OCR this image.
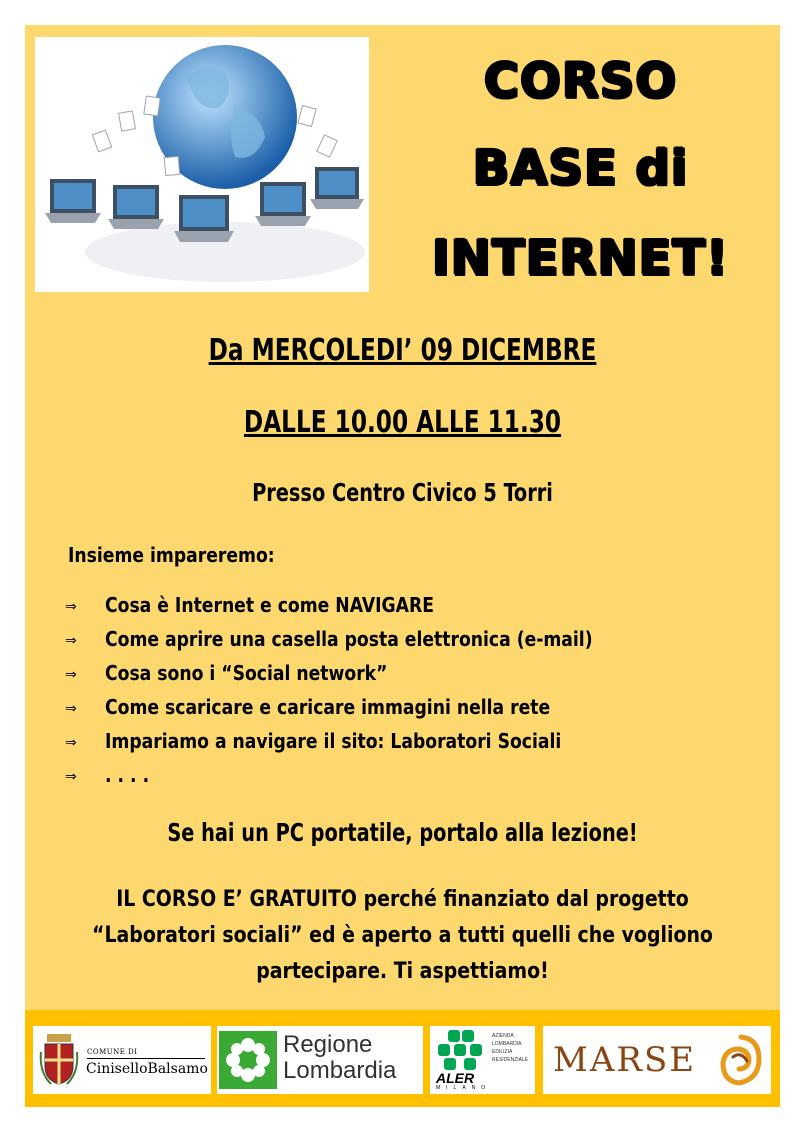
CORSO
BASE di
INTERNET!
Da MERCOLEDI’ 09 DICEMBRE
DALLE 10.00 ALLE 11.30
Presso Centro Civico 5 Torri
Insieme impareremo:
⇒	Cosa è Internet e come NAVIGARE
⇒	Come aprire una casella posta elettronica (e-mail)
⇒	Cosa sono i “Social network”
⇒	Come scaricare e caricare immagini nella rete
⇒	Impariamo a navigare il sito: Laboratori Sociali
⇒	. . . .
Se hai un PC portatile, portalo alla lezione!
IL CORSO E’ GRATUITO perché finanziato dal progetto
“Laboratori sociali” ed è aperto a tutti quelli che vogliono
partecipare. Ti aspettiamo!
COMUNE DI
CiniselloBalsamo
Regione
Lombardia	ALER
MILANO
AZIENDA
LOMBARDIA
EDILIZIA
RESIDENZIALE MARSE
